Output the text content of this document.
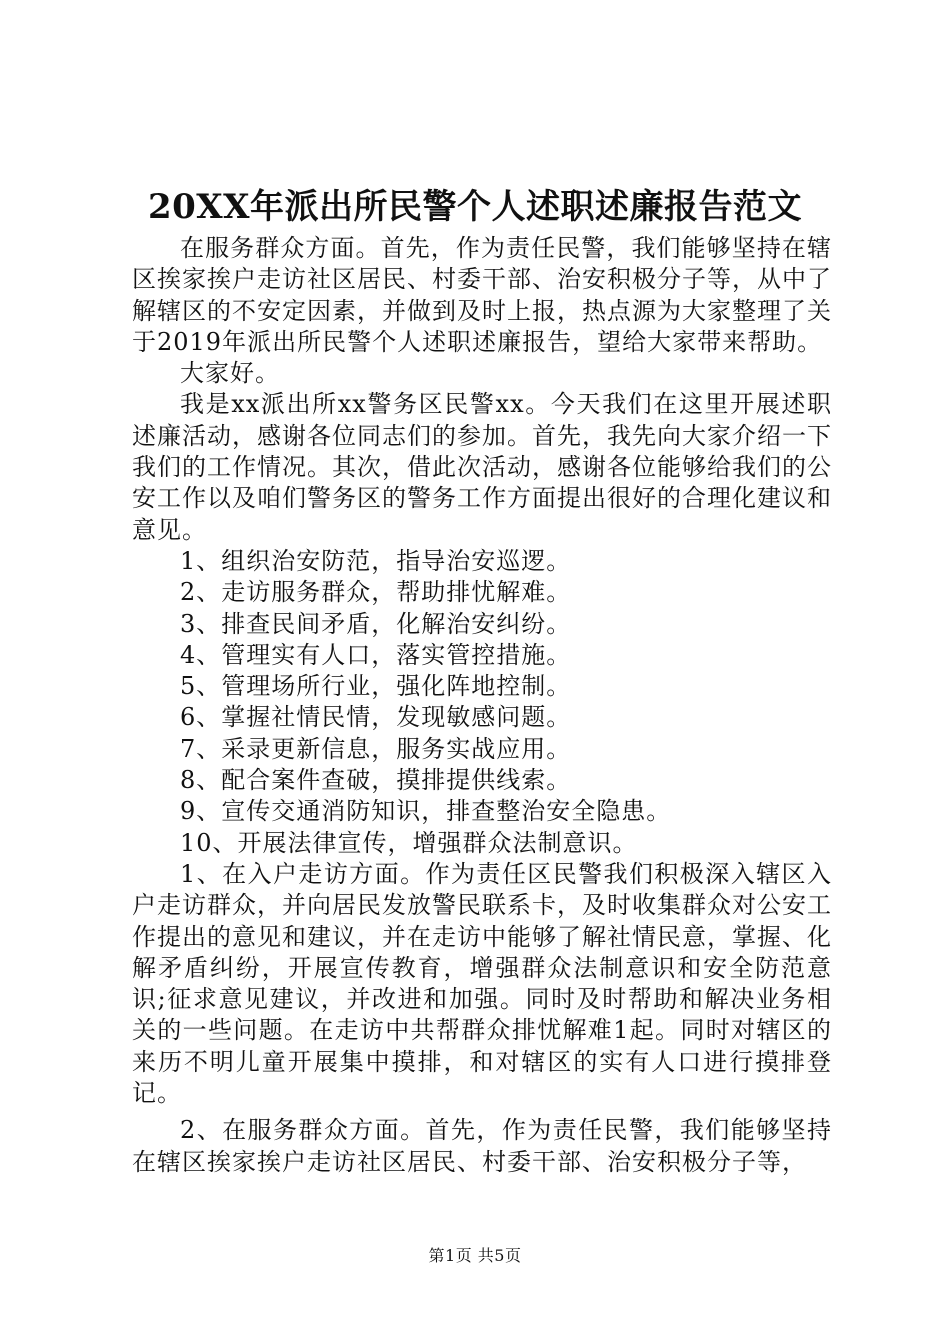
20XX年派出所民警个人述职述廉报告范文

在服务群众方面。首先，作为责任民警，我们能够坚持在辖区挨家挨户走访社区居民、村委干部、治安积极分子等，从中了解辖区的不安定因素，并做到及时上报，热点源为大家整理了关于2019年派出所民警个人述职述廉报告，望给大家带来帮助。

大家好。

我是xx派出所xx警务区民警xx。今天我们在这里开展述职述廉活动，感谢各位同志们的参加。首先，我先向大家介绍一下我们的工作情况。其次，借此次活动，感谢各位能够给我们的公安工作以及咱们警务区的警务工作方面提出很好的合理化建议和意见。

1、组织治安防范，指导治安巡逻。

2、走访服务群众，帮助排忧解难。

3、排查民间矛盾，化解治安纠纷。

4、管理实有人口，落实管控措施。

5、管理场所行业，强化阵地控制。

6、掌握社情民情，发现敏感问题。

7、采录更新信息，服务实战应用。

8、配合案件查破，摸排提供线索。

9、宣传交通消防知识，排查整治安全隐患。

10、开展法律宣传，增强群众法制意识。

1、在入户走访方面。作为责任区民警我们积极深入辖区入户走访群众，并向居民发放警民联系卡，及时收集群众对公安工作提出的意见和建议，并在走访中能够了解社情民意，掌握、化解矛盾纠纷，开展宣传教育，增强群众法制意识和安全防范意识;征求意见建议，并改进和加强。同时及时帮助和解决业务相关的一些问题。在走访中共帮群众排忧解难1起。同时对辖区的来历不明儿童开展集中摸排，和对辖区的实有人口进行摸排登记。

2、在服务群众方面。首先，作为责任民警，我们能够坚持在辖区挨家挨户走访社区居民、村委干部、治安积极分子等，

第1页 共5页
